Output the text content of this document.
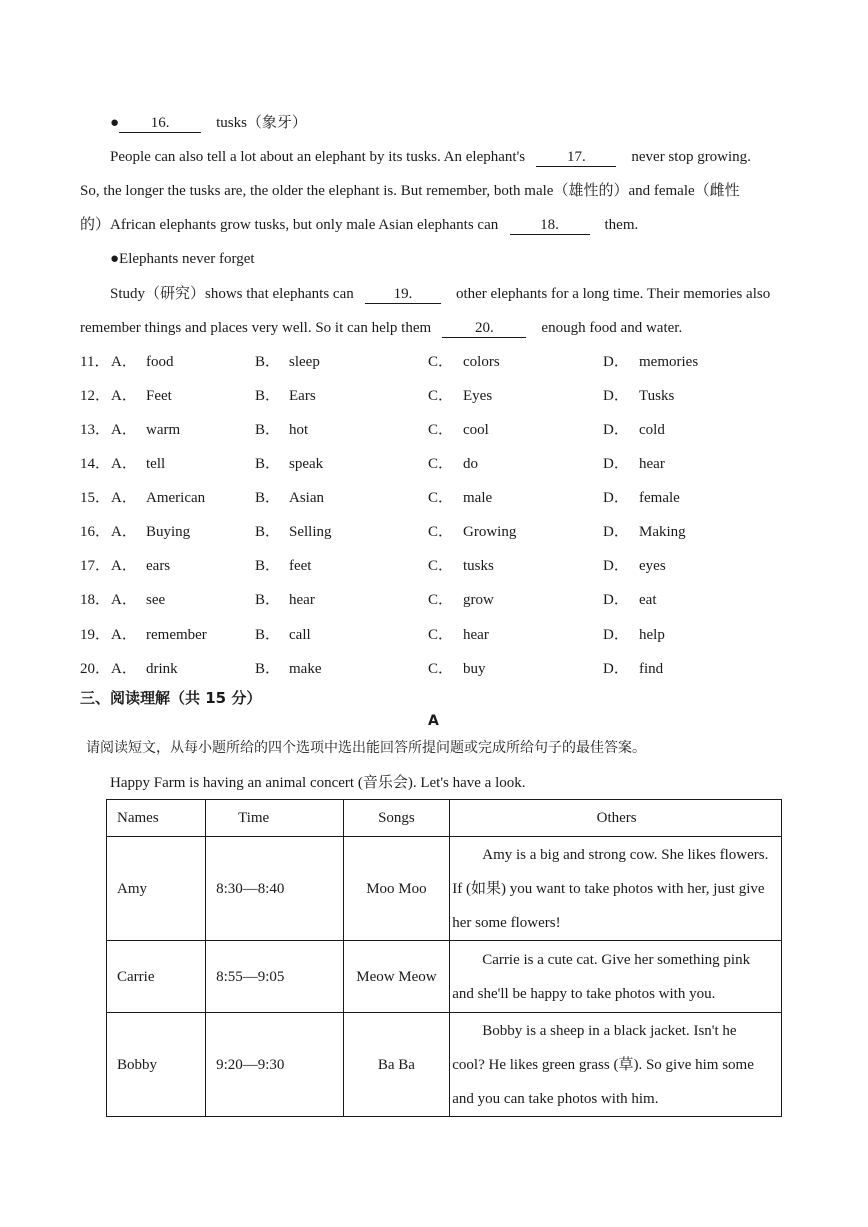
● 16.	tusks（象牙）
People can also tell a lot about an elephant by its tusks. An elephant's	17.	never stop growing.
So, the longer the tusks are, the older the elephant is. But remember, both male（雄性的）and female（雌性
的）African elephants grow tusks, but only male Asian elephants can	18.	them.
●Elephants never forget
Study（研究）shows that elephants can	19.	other elephants for a long time. Their memories also
remember things and places very well. So it can help them	20.	enough food and water.
11． A． food	B． sleep	C． colors	D． memories
12． A． Feet	B． Ears	C． Eyes	D． Tusks
13． A． warm	B． hot	C． cool	D． cold
14． A． tell	B． speak	C． do	D． hear
15． A． American	B． Asian	C． male	D． female
16． A． Buying	B． Selling	C． Growing	D． Making
17． A． ears	B． feet	C． tusks	D． eyes
18． A． see	B． hear	C． grow	D． eat
19． A． remember	B． call	C． hear	D． help
20． A． drink	B． make	C． buy	D． find
三、阅读理解（共 15 分）
A
请阅读短文，从每小题所给的四个选项中选出能回答所提问题或完成所给句子的最佳答案。
Happy Farm is having an animal concert (音乐会). Let's have a look.
Names	Time	Songs	Others
Amy	8:30—8:40	Moo Moo	Amy is a big and strong cow. She likes flowers.
If (如果) you want to take photos with her, just give
her some flowers!

Carrie	8:55—9:05	Meow Meow	Carrie is a cute cat. Give her something pink
and she'll be happy to take photos with you.

Bobby	9:20—9:30	Ba Ba	Bobby is a sheep in a black jacket. Isn't he
cool? He likes green grass (草). So give him some
and you can take photos with him.
